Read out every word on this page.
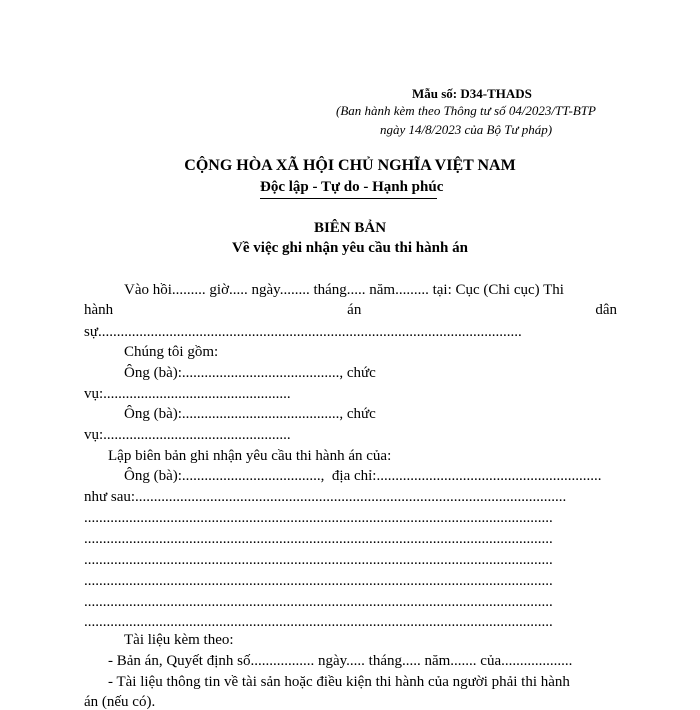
Mẫu số: D34-THADS
(Ban hành kèm theo Thông tư số 04/2023/TT-BTP
ngày 14/8/2023 của Bộ Tư pháp)
CỘNG HÒA XÃ HỘI CHỦ NGHĨA VIỆT NAM
Độc lập - Tự do - Hạnh phúc
BIÊN BẢN
Về việc ghi nhận yêu cầu thi hành án
Vào hồi......... giờ..... ngày........ tháng..... năm......... tại: Cục (Chi cục) Thi
hành	án	dân
sự.................................................................................................................
Chúng tôi gồm:
Ông (bà):.........................................., chức
vụ:..................................................
Ông (bà):.........................................., chức
vụ:..................................................
Lập biên bản ghi nhận yêu cầu thi hành án của:
Ông (bà):.....................................,  địa chỉ:............................................................
như sau:...................................................................................................................
.............................................................................................................................
.............................................................................................................................
.............................................................................................................................
.............................................................................................................................
.............................................................................................................................
.............................................................................................................................
Tài liệu kèm theo:
- Bản án, Quyết định số................. ngày..... tháng..... năm....... của...................
- Tài liệu thông tin về tài sản hoặc điều kiện thi hành của người phải thi hành
án (nếu có).
